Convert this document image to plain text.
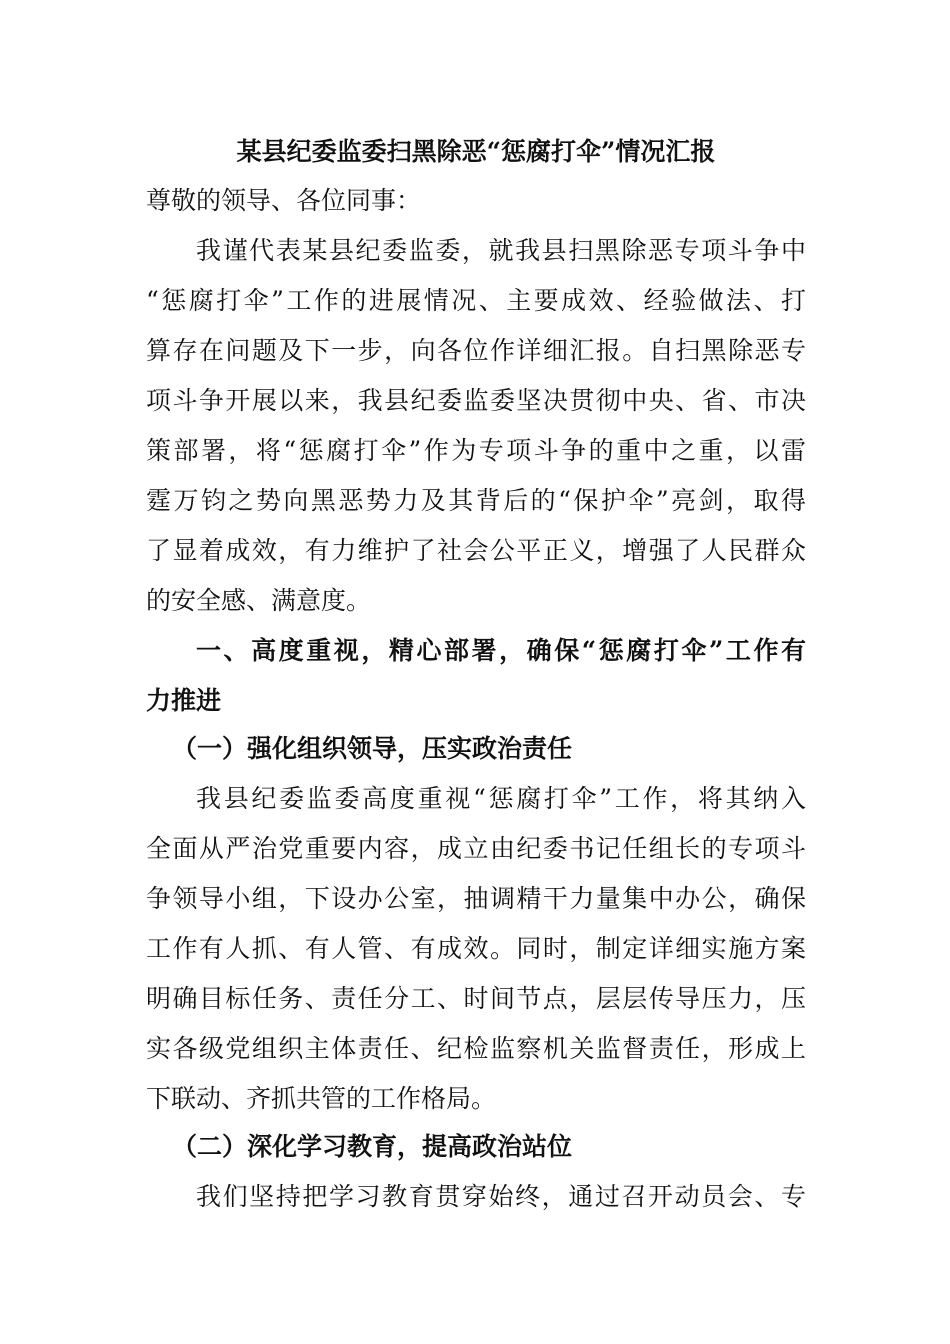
某县纪委监委扫黑除恶“惩腐打伞”情况汇报
尊敬的领导、各位同事：
我谨代表某县纪委监委，就我县扫黑除恶专项斗争中
“惩腐打伞”工作的进展情况、主要成效、经验做法、打
算存在问题及下一步，向各位作详细汇报。自扫黑除恶专
项斗争开展以来，我县纪委监委坚决贯彻中央、省、市决
策部署，将“惩腐打伞”作为专项斗争的重中之重，以雷
霆万钧之势向黑恶势力及其背后的“保护伞”亮剑，取得
了显着成效，有力维护了社会公平正义，增强了人民群众
的安全感、满意度。
一、高度重视，精心部署，确保“惩腐打伞”工作有
力推进
（一）强化组织领导，压实政治责任
我县纪委监委高度重视“惩腐打伞”工作，将其纳入
全面从严治党重要内容，成立由纪委书记任组长的专项斗
争领导小组，下设办公室，抽调精干力量集中办公，确保
工作有人抓、有人管、有成效。同时，制定详细实施方案
明确目标任务、责任分工、时间节点，层层传导压力，压
实各级党组织主体责任、纪检监察机关监督责任，形成上
下联动、齐抓共管的工作格局。
（二）深化学习教育，提高政治站位
我们坚持把学习教育贯穿始终，通过召开动员会、专
